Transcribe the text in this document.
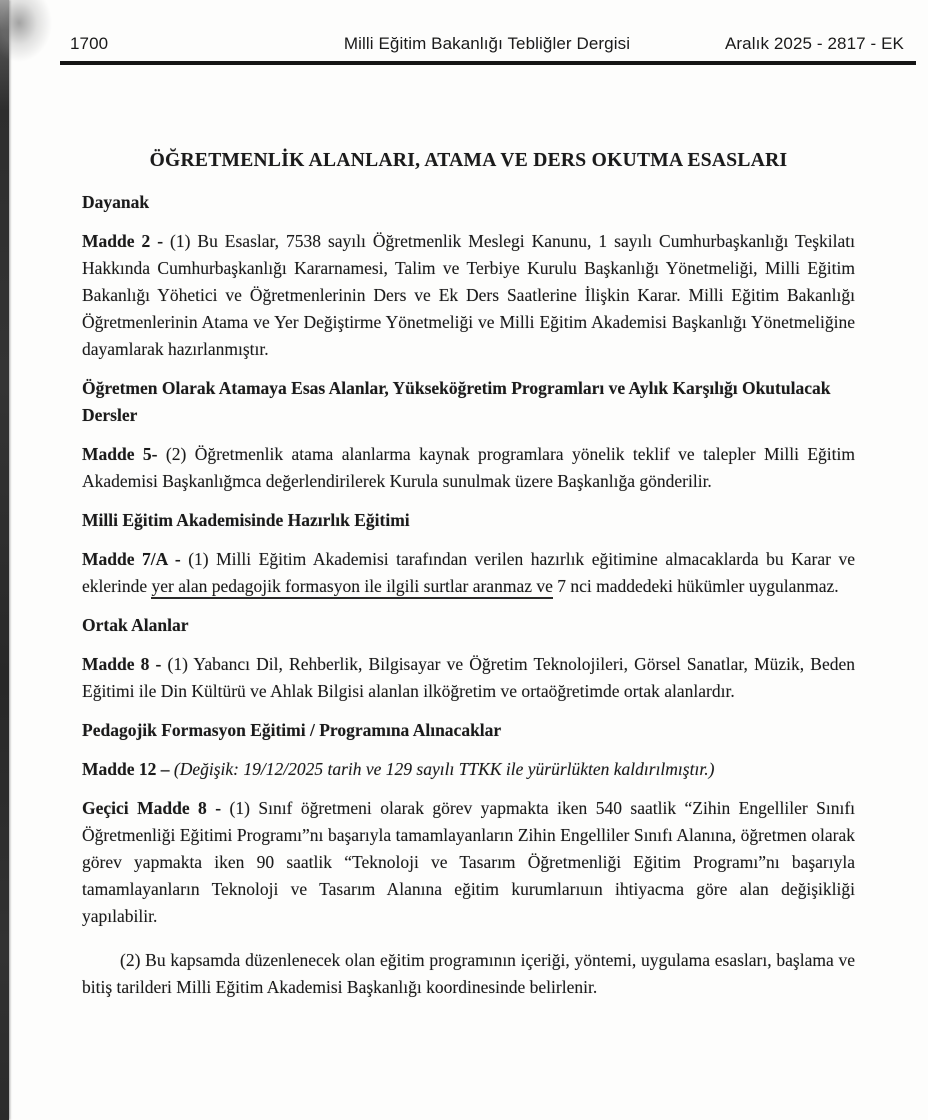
1700	Milli Eğitim Bakanlığı Tebliğler Dergisi	Aralık 2025 - 2817 - EK
ÖĞRETMENLİK ALANLARI, ATAMA VE DERS OKUTMA ESASLARI
Dayanak
Madde 2 - (1) Bu Esaslar, 7538 sayılı Öğretmenlik Meslegi Kanunu, 1 sayılı Cumhurbaşkanlığı Teşkilatı Hakkında Cumhurbaşkanlığı Kararnamesi, Talim ve Terbiye Kurulu Başkanlığı Yönetmeliği, Milli Eğitim Bakanlığı Yöhetici ve Öğretmenlerinin Ders ve Ek Ders Saatlerine İlişkin Karar. Milli Eğitim Bakanlığı Öğretmenlerinin Atama ve Yer Değiştirme Yönetmeliği ve Milli Eğitim Akademisi Başkanlığı Yönetmeliğine dayamlarak hazırlanmıştır.
Öğretmen Olarak Atamaya Esas Alanlar, Yükseköğretim Programları ve Aylık Karşılığı Okutulacak Dersler
Madde 5- (2) Öğretmenlik atama alanlarma kaynak programlara yönelik teklif ve talepler Milli Eğitim Akademisi Başkanlığmca değerlendirilerek Kurula sunulmak üzere Başkanlığa gönderilir.
Milli Eğitim Akademisinde Hazırlık Eğitimi
Madde 7/A - (1) Milli Eğitim Akademisi tarafından verilen hazırlık eğitimine almacaklarda bu Karar ve eklerinde yer alan pedagojik formasyon ile ilgili surtlar aranmaz ve 7 nci maddedeki hükümler uygulanmaz.
Ortak Alanlar
Madde 8 - (1) Yabancı Dil, Rehberlik, Bilgisayar ve Öğretim Teknolojileri, Görsel Sanatlar, Müzik, Beden Eğitimi ile Din Kültürü ve Ahlak Bilgisi alanlan ilköğretim ve ortaöğretimde ortak alanlardır.
Pedagojik Formasyon Eğitimi / Programına Alınacaklar
Madde 12 – (Değişik: 19/12/2025 tarih ve 129 sayılı TTKK ile yürürlükten kaldırılmıştır.)
Geçici Madde 8 - (1) Sınıf öğretmeni olarak görev yapmakta iken 540 saatlik “Zihin Engelliler Sınıfı Öğretmenliği Eğitimi Programı”nı başarıyla tamamlayanların Zihin Engelliler Sınıfı Alanına, öğretmen olarak görev yapmakta iken 90 saatlik “Teknoloji ve Tasarım Öğretmenliği Eğitim Programı”nı başarıyla tamamlayanların Teknoloji ve Tasarım Alanına eğitim kurumlarıuın ihtiyacma göre alan değişikliği yapılabilir.
(2) Bu kapsamda düzenlenecek olan eğitim programının içeriği, yöntemi, uygulama esasları, başlama ve bitiş tarilderi Milli Eğitim Akademisi Başkanlığı koordinesinde belirlenir.
